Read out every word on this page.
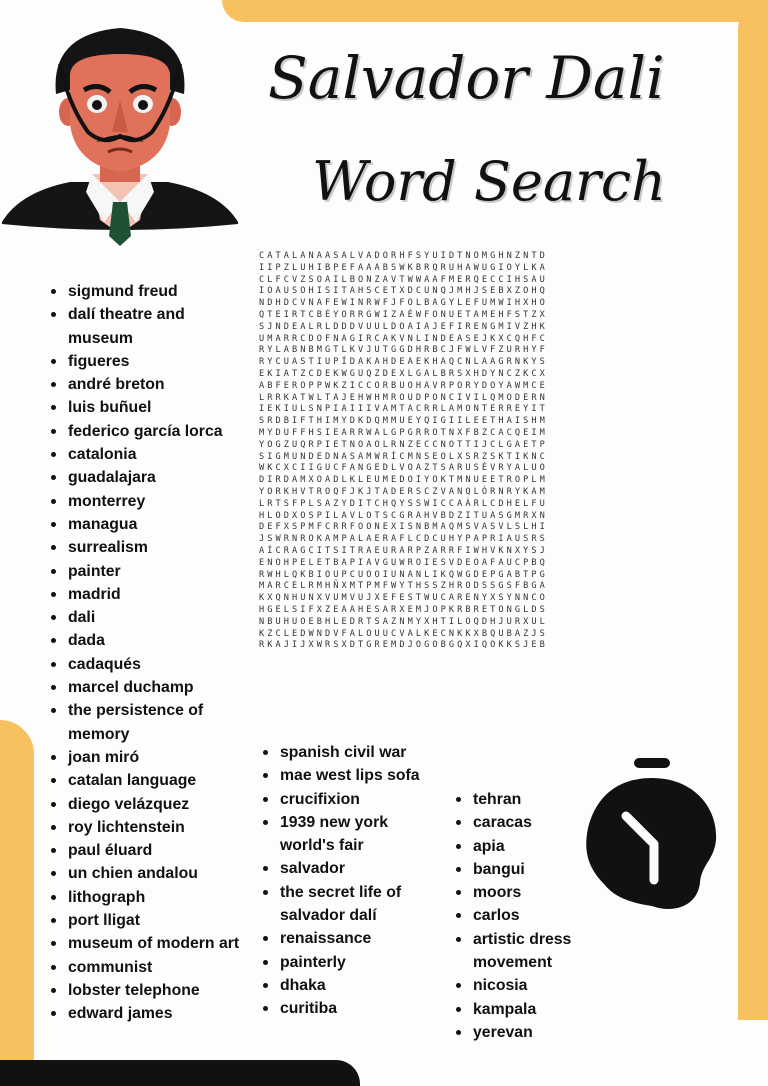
Salvador Dali
Word Search
CATALANAASALVADORHFSYUIDTNOMGHNZNTD
IIPZLUHIBPEFAAABSWKBRQRUHAWUGIOYLKA
CLFCVZSOAILBONZAVTWWAAFMERQECCIHSAU
IOAUSOHISITAHSCETXDCUNQJMHJSEBXZOHQ
NDHDCVNAFEWINRWFJFOLBAGYLEFUMWIHXHO
QTEIRTCBÉYORRGWIZAÉWFONUETAMEHFSTZX
SJNDEALRLDDDVUULDOAIAJEFIRENGMIVZHK
UMARRCDOFNAGIRCAKVNLINDEASEJKXCQHFC
RYLABNBMGTLKVJUTGGDHRBCJFWLVFZURHYF
RYCUASTIUPÍDAKAHDEAEKHAQCNLAAGRNKYS
EKIATZCDEKWGUQZDEXLGALBRSXHDYNCZKCX
ABFEROPPWKZICCORBUOHAVRPORYDOYAWMCE
LRRKATWLTAJEHWHMROUDPONCIVILQMODERN
IEKIULSNPIAIIIVAMTACRRLAMONTERREYIT
SRDBIFTHIMYDKDQMMUEYQIGIILEETHAISHM
MYDUFFHSIEARRWALGPGRROTNXFBZCACQEIM
YOGZUQRPIETNOAOLRNZECCNOTTIJCLGAETP
SIGMUNDEDNASAMWRÍCMNSEOLXSRZSKTIKNC
WKCXCIIGUCFANGEDLVOAZTSARUSÉVRYALUO
DIRDAMXOADLKLEUMEDOIYOKTMNUEETROPLM
YORKHVTROQFJKJTADERSCZVANQLÓRNRYKAM
LRTSFPLSAZYDITCHQYSSWICCAÀRLCDHELFU
HLODXOSPILAVLOTSCGRAHVBDZITUASGMRXN
DEFXSPMFCRRFOONEXISNBMAQMSVASVLSLHI
JSWRNROKAMPALAERAFLCDCUHYPAPRIAUSRS
AÍCRAGCITSITRAEURARPZARRFIWHVKNXYSJ
ENOHPELETBAPIAVGUWROIESVDEOAFAUCPBQ
RWHLQKBIOUPCUOOIUNANLIKQWGDEPGABTPG
MARCELRMHÑXMTPMFWYTHSSZHRODSSGSFBGA
KXQNHUNXVUMVUJXEFESTWUCARENYXSYNNCO
HGELSIFXZEAAHESARXEMJOPKRBRETONGLDS
NBUHUOEBHLEDRTSAZNMYXHTILOQDHJURXUL
KZCLEDWNDVFALOUUCVALKECNKKXBQUBAZJS
RKAJIJXWRSXDTGREMDJOGOBGQXIQOKKSJEB
sigmund freud
dalí theatre and museum
figueres
andré breton
luis buñuel
federico garcía lorca
catalonia
guadalajara
monterrey
managua
surrealism
painter
madrid
dali
dada
cadaqués
marcel duchamp
the persistence of memory
joan miró
catalan language
diego velázquez
roy lichtenstein
paul éluard
un chien andalou
lithograph
port lligat
museum of modern art
communist
lobster telephone
edward james
spanish civil war
mae west lips sofa
crucifixion
1939 new york world's fair
salvador
the secret life of salvador dalí
renaissance
painterly
dhaka
curitiba
tehran
caracas
apia
bangui
moors
carlos
artistic dress movement
nicosia
kampala
yerevan
